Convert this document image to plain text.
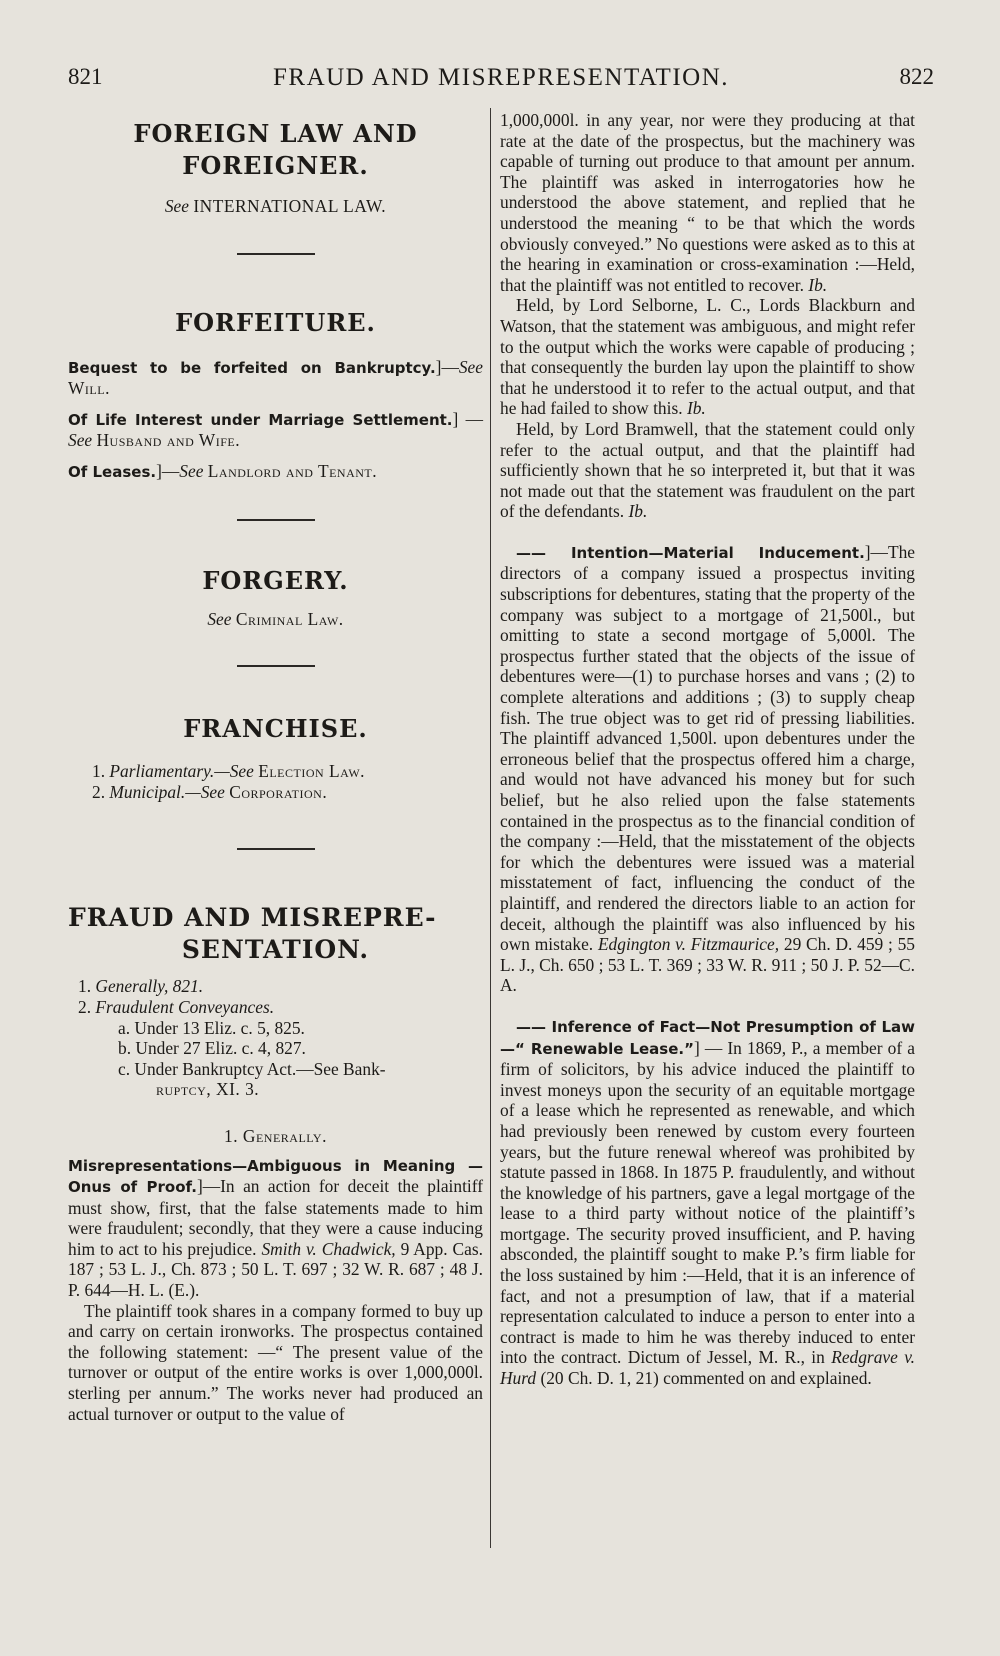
821	FRAUD AND MISREPRESENTATION.	822

FOREIGN LAW AND

FOREIGNER.

See INTERNATIONAL LAW.

FORFEITURE.

Bequest to be forfeited on Bankruptcy.]—See Will.

Of Life Interest under Marriage Settlement.] —See Husband and Wife.

Of Leases.]—See Landlord and Tenant.

FORGERY.

See Criminal Law.

FRANCHISE.

1. Parliamentary.—See Election Law.

2. Municipal.—See Corporation.

FRAUD AND MISREPRE-

SENTATION.

1. Generally, 821.

2. Fraudulent Conveyances.

a. Under 13 Eliz. c. 5, 825.

b. Under 27 Eliz. c. 4, 827.

c. Under Bankruptcy Act.—See Bank-

ruptcy, XI. 3.

1. Generally.

Misrepresentations—Ambiguous in Meaning —Onus of Proof.]—In an action for deceit the plaintiff must show, first, that the false statements made to him were fraudulent; secondly, that they were a cause inducing him to act to his prejudice. Smith v. Chadwick, 9 App. Cas. 187 ; 53 L. J., Ch. 873 ; 50 L. T. 697 ; 32 W. R. 687 ; 48 J. P. 644—H. L. (E.).

The plaintiff took shares in a company formed to buy up and carry on certain ironworks. The prospectus contained the following statement: —“ The present value of the turnover or output of the entire works is over 1,000,000l. sterling per annum.” The works never had produced an actual turnover or output to the value of

1,000,000l. in any year, nor were they producing at that rate at the date of the prospectus, but the machinery was capable of turning out produce to that amount per annum. The plaintiff was asked in interrogatories how he understood the above statement, and replied that he understood the meaning “ to be that which the words obviously conveyed.” No questions were asked as to this at the hearing in examination or cross-examination :—Held, that the plaintiff was not entitled to recover. Ib.

Held, by Lord Selborne, L. C., Lords Blackburn and Watson, that the statement was ambiguous, and might refer to the output which the works were capable of producing ; that consequently the burden lay upon the plaintiff to show that he understood it to refer to the actual output, and that he had failed to show this. Ib.

Held, by Lord Bramwell, that the statement could only refer to the actual output, and that the plaintiff had sufficiently shown that he so interpreted it, but that it was not made out that the statement was fraudulent on the part of the defendants. Ib.

—— Intention—Material Inducement.]—The directors of a company issued a prospectus inviting subscriptions for debentures, stating that the property of the company was subject to a mortgage of 21,500l., but omitting to state a second mortgage of 5,000l. The prospectus further stated that the objects of the issue of debentures were—(1) to purchase horses and vans ; (2) to complete alterations and additions ; (3) to supply cheap fish. The true object was to get rid of pressing liabilities. The plaintiff advanced 1,500l. upon debentures under the erroneous belief that the prospectus offered him a charge, and would not have advanced his money but for such belief, but he also relied upon the false statements contained in the prospectus as to the financial condition of the company :—Held, that the misstatement of the objects for which the debentures were issued was a material misstatement of fact, influencing the conduct of the plaintiff, and rendered the directors liable to an action for deceit, although the plaintiff was also influenced by his own mistake. Edgington v. Fitzmaurice, 29 Ch. D. 459 ; 55 L. J., Ch. 650 ; 53 L. T. 369 ; 33 W. R. 911 ; 50 J. P. 52—C. A.

—— Inference of Fact—Not Presumption of Law—“ Renewable Lease.”] — In 1869, P., a member of a firm of solicitors, by his advice induced the plaintiff to invest moneys upon the security of an equitable mortgage of a lease which he represented as renewable, and which had previously been renewed by custom every fourteen years, but the future renewal whereof was prohibited by statute passed in 1868. In 1875 P. fraudulently, and without the knowledge of his partners, gave a legal mortgage of the lease to a third party without notice of the plaintiff’s mortgage. The security proved insufficient, and P. having absconded, the plaintiff sought to make P.’s firm liable for the loss sustained by him :—Held, that it is an inference of fact, and not a presumption of law, that if a material representation calculated to induce a person to enter into a contract is made to him he was thereby induced to enter into the contract. Dictum of Jessel, M. R., in Redgrave v. Hurd (20 Ch. D. 1, 21) commented on and explained.
